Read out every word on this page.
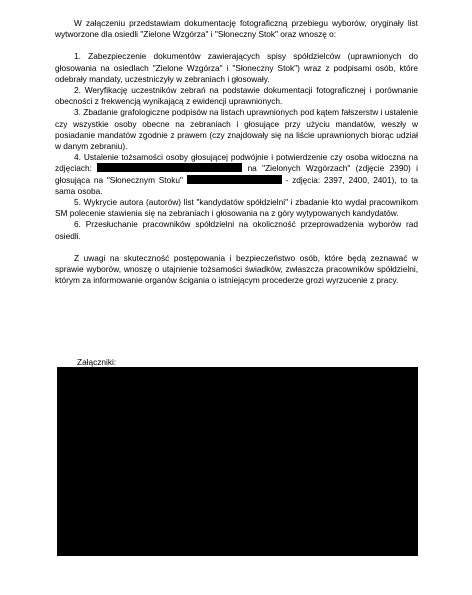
W załączeniu przedstawiam dokumentację fotograficzną przebiegu wyborów, oryginały list wytworzone dla osiedli "Zielone Wzgórza" i "Słoneczny Stok" oraz wnoszę o:

1. Zabezpieczenie dokumentów zawierających spisy spółdzielców (uprawnionych do głosowania na osiedlach "Zielone Wzgórza" i "Słoneczny Stok") wraz z podpisami osób, które odebrały mandaty, uczestniczyły w zebraniach i głosowały.

2. Weryfikację uczestników zebrań na podstawie dokumentacji fotograficznej i porównanie obecności z frekwencją wynikającą z ewidencji uprawnionych.

3. Zbadanie grafologiczne podpisów na listach uprawnionych pod kątem fałszerstw i ustalenie czy wszystkie osoby obecne na zebraniach i głosujące przy użyciu mandatów, weszły w posiadanie mandatów zgodnie z prawem (czy znajdowały się na liście uprawnionych biorąc udział w danym zebraniu).

4. Ustalenie tożsamości osoby głosującej podwójnie i potwierdzenie czy osoba widoczna na zdjęciach:	na "Zielonych Wzgórzach" (zdjęcie 2390) i głosująca na "Słonecznym Stoku"	- zdjęcia: 2397, 2400, 2401), to ta sama osoba.

5. Wykrycie autora (autorów) list "kandydatów spółdzielni" i zbadanie kto wydał pracownikom SM polecenie stawienia się na zebraniach i głosowania na z góry wytypowanych kandydatów.

6. Przesłuchanie pracowników spółdzielni na okoliczność przeprowadzenia wyborów rad osiedli.

Z uwagi na skuteczność postępowania i bezpieczeństwo osób, które będą zeznawać w sprawie wyborów, wnoszę o utajnienie tożsamości świadków, zwłaszcza pracowników spółdzielni, którym za informowanie organów ścigania o istniejącym procederze grozi wyrzucenie z pracy.

Załączniki:
